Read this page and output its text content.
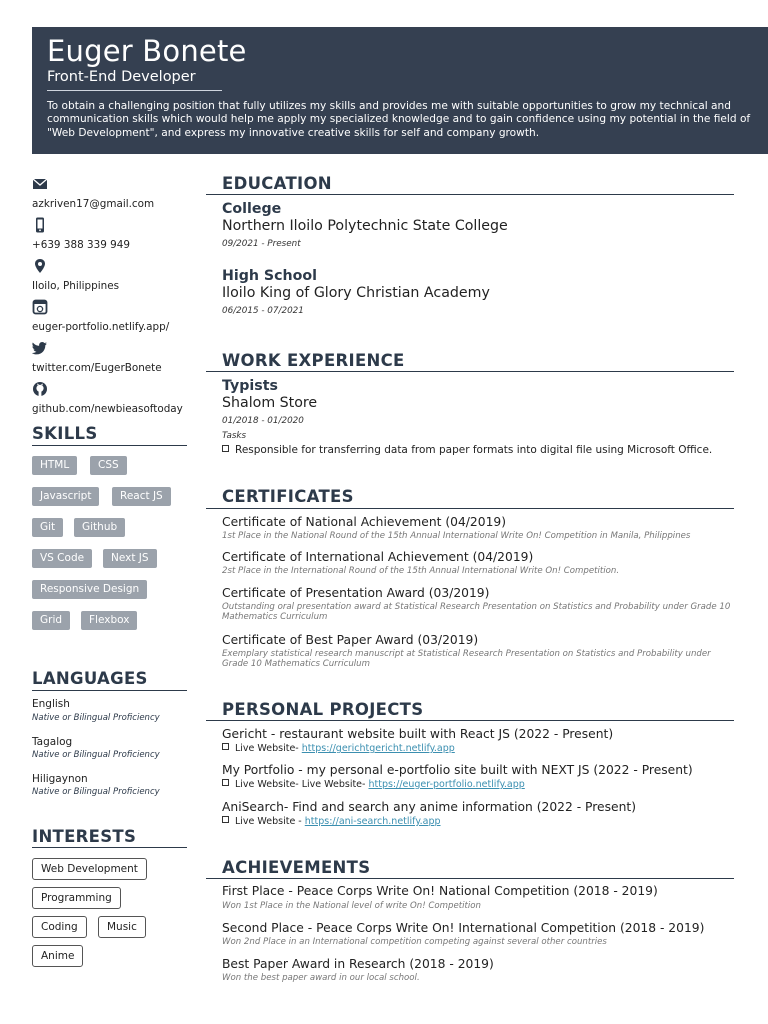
Euger Bonete
Front-End Developer
To obtain a challenging position that fully utilizes my skills and provides me with suitable opportunities to grow my technical and communication skills which would help me apply my specialized knowledge and to gain confidence using my potential in the field of "Web Development", and express my innovative creative skills for self and company growth.
azkriven17@gmail.com
+639 388 339 949
Iloilo, Philippines
euger-portfolio.netlify.app/
twitter.com/EugerBonete
github.com/newbieasoftoday
SKILLS
HTML	CSS
Javascript	React JS
Git	Github
VS Code	Next JS
Responsive Design
Grid	Flexbox
LANGUAGES
English
Native or Bilingual Proficiency
Tagalog
Native or Bilingual Proficiency
Hiligaynon
Native or Bilingual Proficiency
INTERESTS
Web Development
Programming
Coding	Music
Anime
EDUCATION
College
Northern Iloilo Polytechnic State College
09/2021 - Present
High School
Iloilo King of Glory Christian Academy
06/2015 - 07/2021
WORK EXPERIENCE
Typists
Shalom Store
01/2018 - 01/2020
Tasks
Responsible for transferring data from paper formats into digital file using Microsoft Office.
CERTIFICATES
Certificate of National Achievement (04/2019)
1st Place in the National Round of the 15th Annual International Write On! Competition in Manila, Philippines
Certificate of International Achievement (04/2019)
2st Place in the International Round of the 15th Annual International Write On! Competition.
Certificate of Presentation Award (03/2019)
Outstanding oral presentation award at Statistical Research Presentation on Statistics and Probability under Grade 10 Mathematics Curriculum
Certificate of Best Paper Award (03/2019)
Exemplary statistical research manuscript at Statistical Research Presentation on Statistics and Probability under Grade 10 Mathematics Curriculum
PERSONAL PROJECTS
Gericht - restaurant website built with React JS (2022 - Present)
Live Website- https://gerichtgericht.netlify.app
My Portfolio - my personal e-portfolio site built with NEXT JS (2022 - Present)
Live Website- Live Website- https://euger-portfolio.netlify.app
AniSearch- Find and search any anime information (2022 - Present)
Live Website - https://ani-search.netlify.app
ACHIEVEMENTS
First Place - Peace Corps Write On! National Competition (2018 - 2019)
Won 1st Place in the National level of write On! Competition
Second Place - Peace Corps Write On! International Competition (2018 - 2019)
Won 2nd Place in an International competition competing against several other countries
Best Paper Award in Research (2018 - 2019)
Won the best paper award in our local school.
